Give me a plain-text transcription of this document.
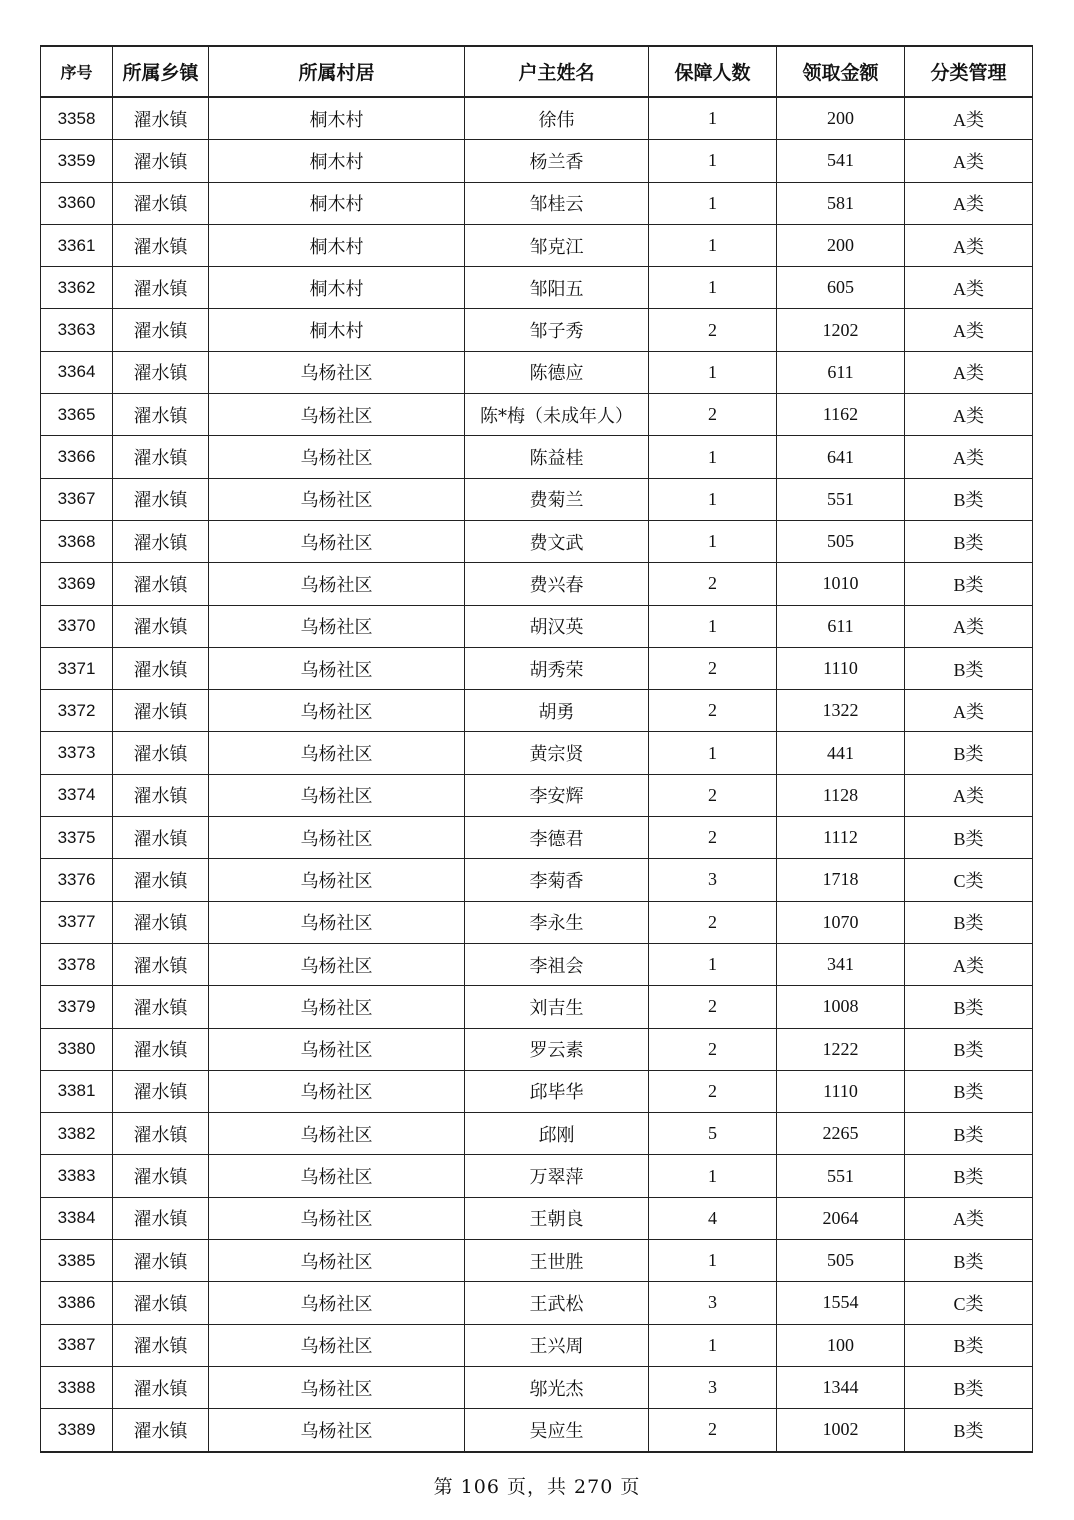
序号	所属乡镇	所属村居	户主姓名	保障人数	领取金额	分类管理
3358	濯水镇	桐木村	徐伟	1	200	A类
3359	濯水镇	桐木村	杨兰香	1	541	A类
3360	濯水镇	桐木村	邹桂云	1	581	A类
3361	濯水镇	桐木村	邹克江	1	200	A类
3362	濯水镇	桐木村	邹阳五	1	605	A类
3363	濯水镇	桐木村	邹子秀	2	1202	A类
3364	濯水镇	乌杨社区	陈德应	1	611	A类
3365	濯水镇	乌杨社区	陈*梅（未成年人）	2	1162	A类
3366	濯水镇	乌杨社区	陈益桂	1	641	A类
3367	濯水镇	乌杨社区	费菊兰	1	551	B类
3368	濯水镇	乌杨社区	费文武	1	505	B类
3369	濯水镇	乌杨社区	费兴春	2	1010	B类
3370	濯水镇	乌杨社区	胡汉英	1	611	A类
3371	濯水镇	乌杨社区	胡秀荣	2	1110	B类
3372	濯水镇	乌杨社区	胡勇	2	1322	A类
3373	濯水镇	乌杨社区	黄宗贤	1	441	B类
3374	濯水镇	乌杨社区	李安辉	2	1128	A类
3375	濯水镇	乌杨社区	李德君	2	1112	B类
3376	濯水镇	乌杨社区	李菊香	3	1718	C类
3377	濯水镇	乌杨社区	李永生	2	1070	B类
3378	濯水镇	乌杨社区	李祖会	1	341	A类
3379	濯水镇	乌杨社区	刘吉生	2	1008	B类
3380	濯水镇	乌杨社区	罗云素	2	1222	B类
3381	濯水镇	乌杨社区	邱毕华	2	1110	B类
3382	濯水镇	乌杨社区	邱刚	5	2265	B类
3383	濯水镇	乌杨社区	万翠萍	1	551	B类
3384	濯水镇	乌杨社区	王朝良	4	2064	A类
3385	濯水镇	乌杨社区	王世胜	1	505	B类
3386	濯水镇	乌杨社区	王武松	3	1554	C类
3387	濯水镇	乌杨社区	王兴周	1	100	B类
3388	濯水镇	乌杨社区	邬光杰	3	1344	B类
3389	濯水镇	乌杨社区	吴应生	2	1002	B类
第 106 页，共 270 页
